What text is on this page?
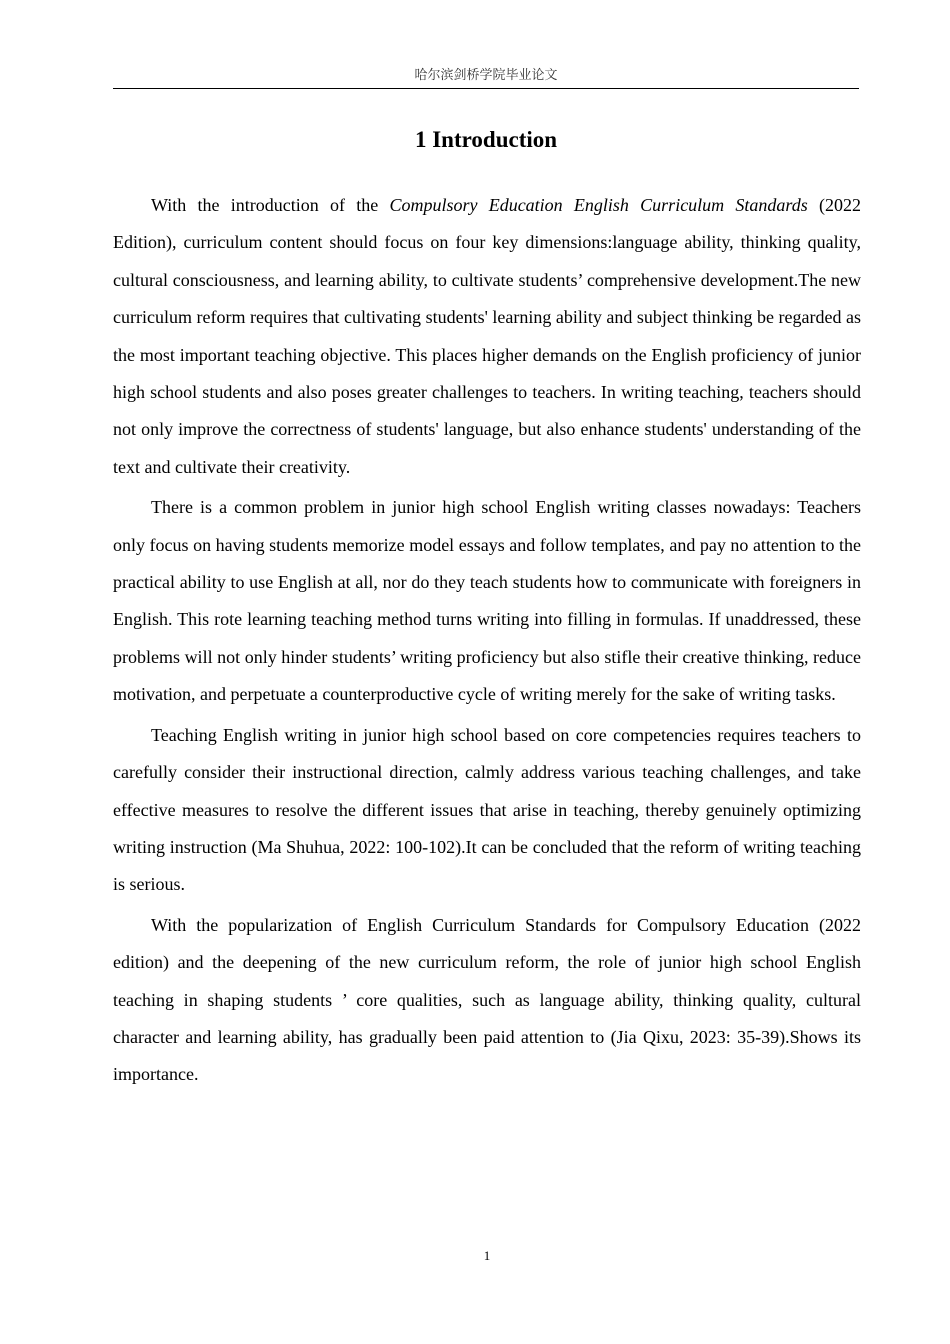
哈尔滨剑桥学院毕业论文
1 Introduction

With the introduction of the Compulsory Education English Curriculum Standards (2022 Edition), curriculum content should focus on four key dimensions:language ability, thinking quality, cultural consciousness, and learning ability, to cultivate students’ comprehensive development.The new curriculum reform requires that cultivating students' learning ability and subject thinking be regarded as the most important teaching objective. This places higher demands on the English proficiency of junior high school students and also poses greater challenges to teachers. In writing teaching, teachers should not only improve the correctness of students' language, but also enhance students' understanding of the text and cultivate their creativity.

There is a common problem in junior high school English writing classes nowadays: Teachers only focus on having students memorize model essays and follow templates, and pay no attention to the practical ability to use English at all, nor do they teach students how to communicate with foreigners in English. This rote learning teaching method turns writing into filling in formulas. If unaddressed, these problems will not only hinder students’ writing proficiency but also stifle their creative thinking, reduce motivation, and perpetuate a counterproductive cycle of writing merely for the sake of writing tasks.

Teaching English writing in junior high school based on core competencies requires teachers to carefully consider their instructional direction, calmly address various teaching challenges, and take effective measures to resolve the different issues that arise in teaching, thereby genuinely optimizing writing instruction (Ma Shuhua, 2022: 100-102).It can be concluded that the reform of writing teaching is serious.

With the popularization of English Curriculum Standards for Compulsory Education (2022 edition) and the deepening of the new curriculum reform, the role of junior high school English teaching in shaping students ’ core qualities, such as language ability, thinking quality, cultural character and learning ability, has gradually been paid attention to (Jia Qixu, 2023: 35-39).Shows its importance.

1
